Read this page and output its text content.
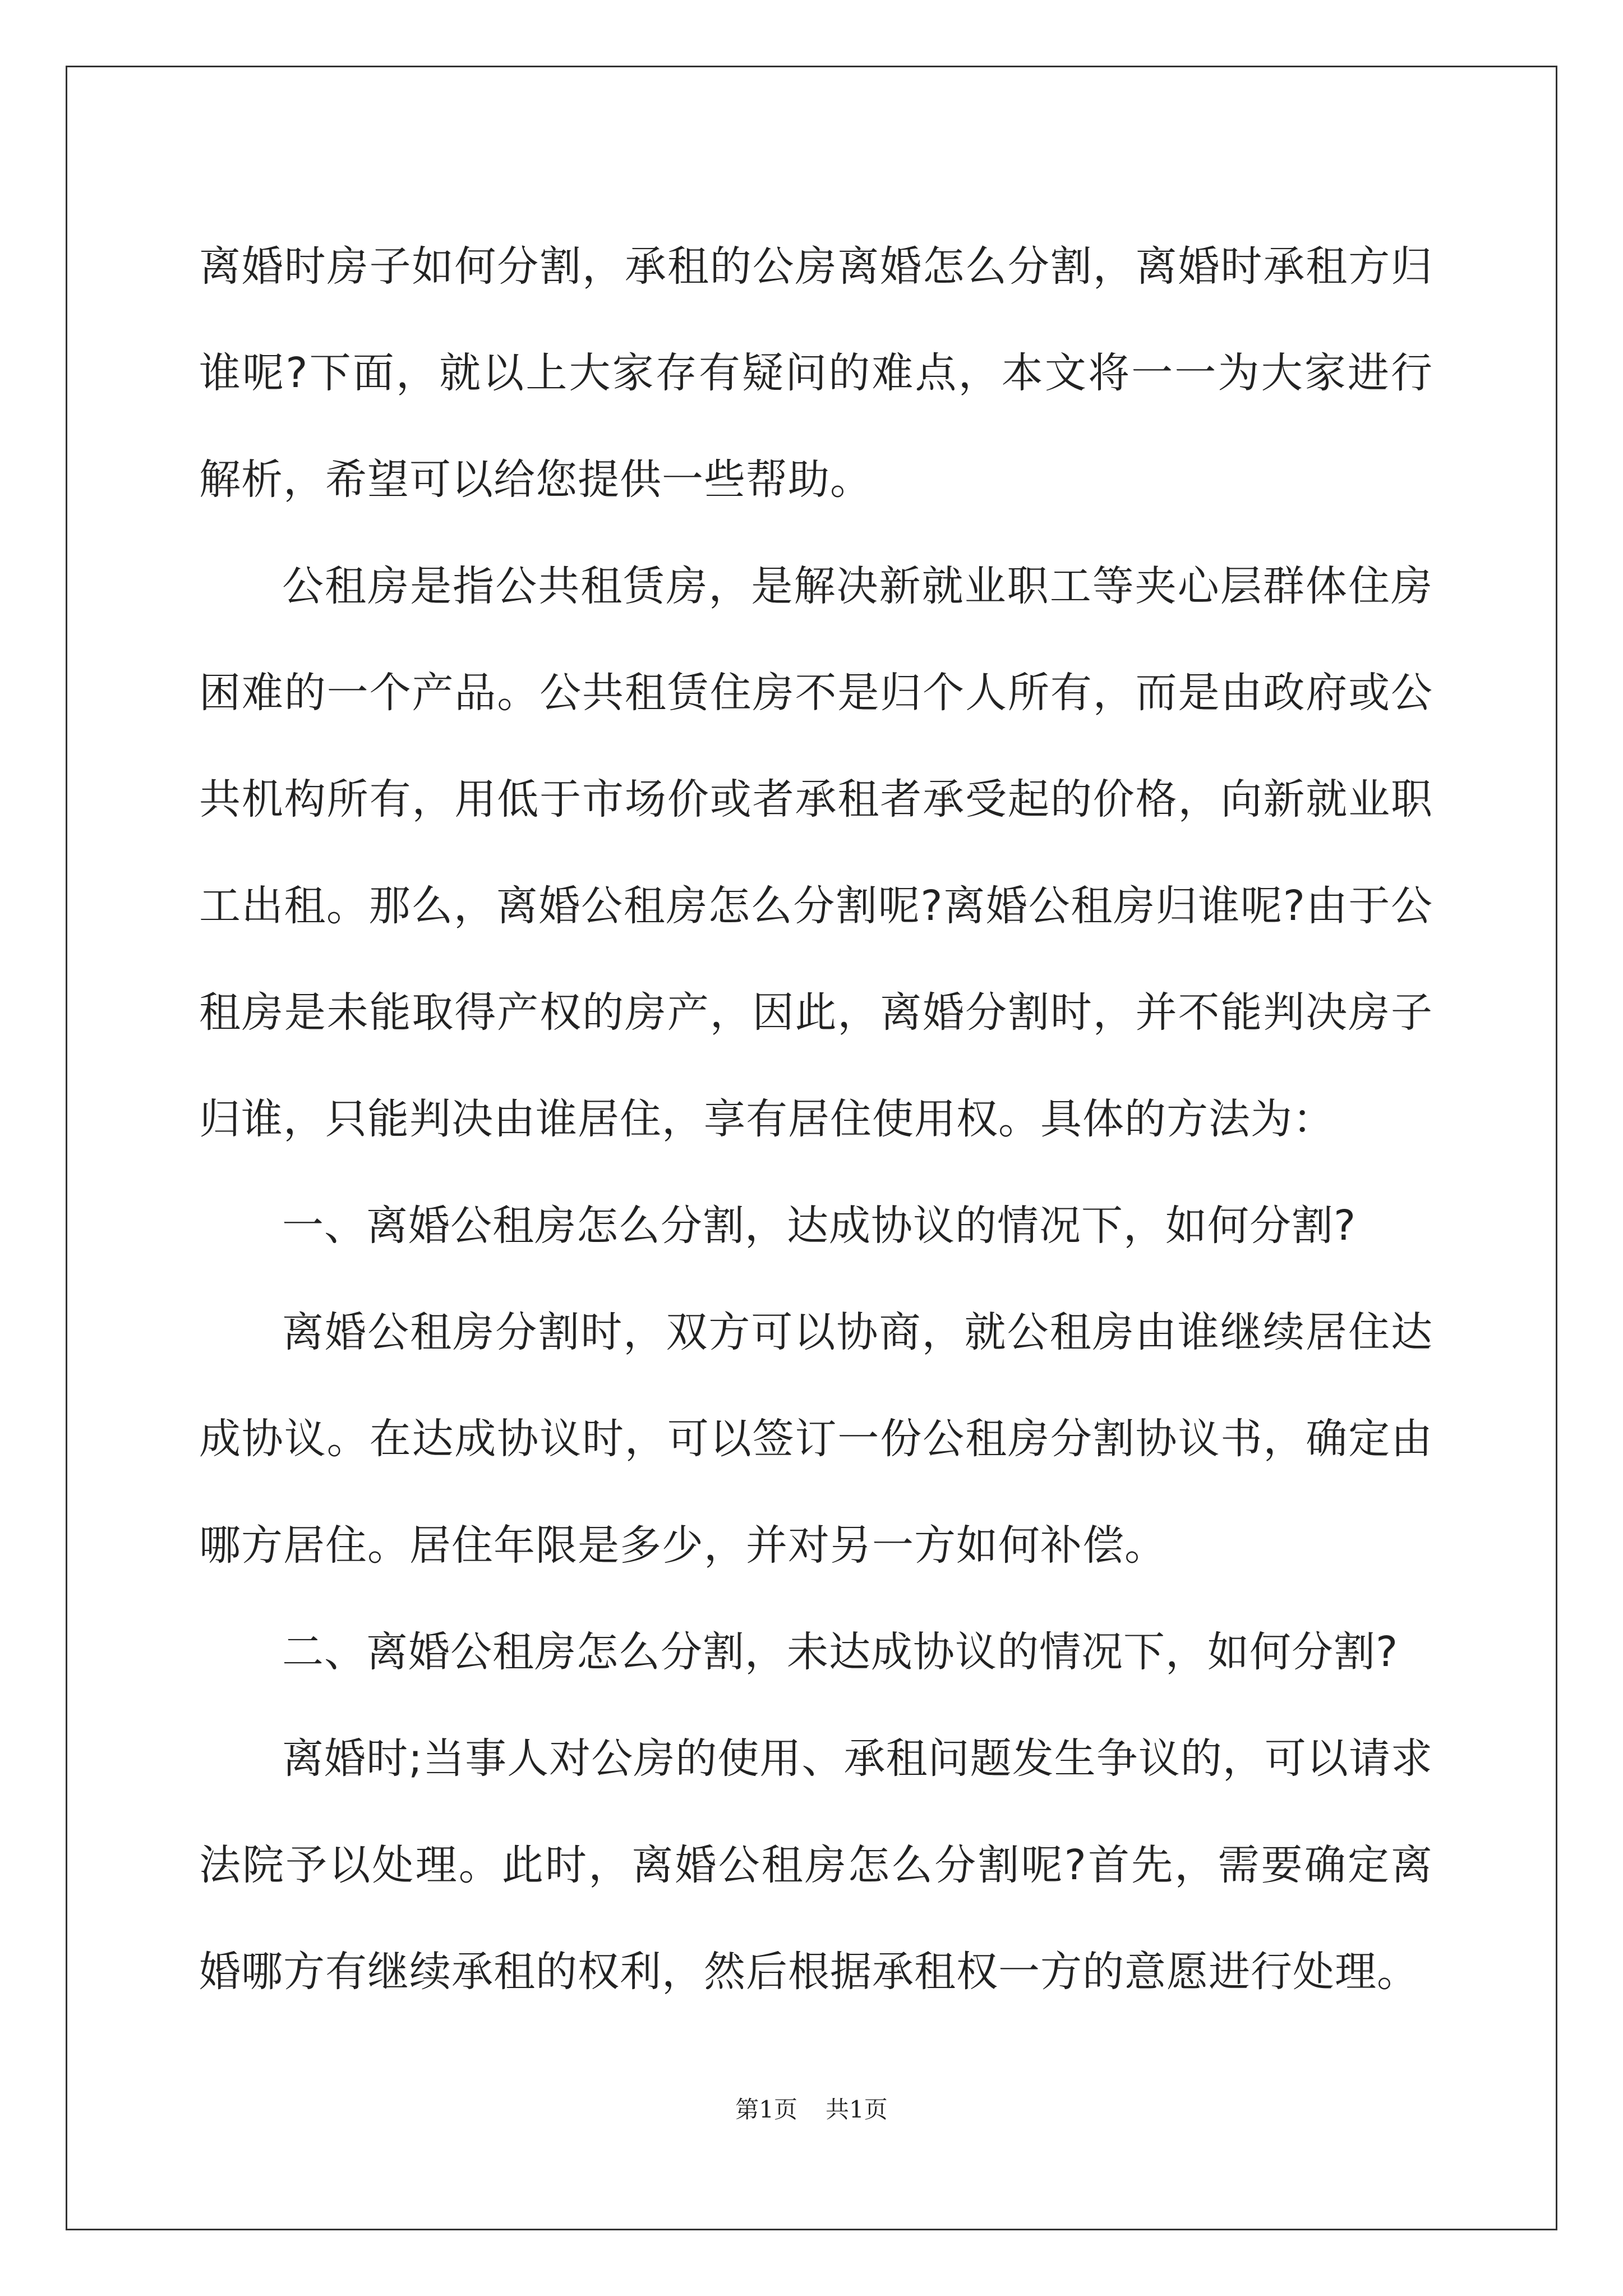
离婚时房子如何分割，承租的公房离婚怎么分割，离婚时承租方归谁呢?下面，就以上大家存有疑问的难点，本文将一一为大家进行解析，希望可以给您提供一些帮助。

公租房是指公共租赁房，是解决新就业职工等夹心层群体住房困难的一个产品。公共租赁住房不是归个人所有，而是由政府或公共机构所有，用低于市场价或者承租者承受起的价格，向新就业职工出租。那么，离婚公租房怎么分割呢?离婚公租房归谁呢?由于公租房是未能取得产权的房产，因此，离婚分割时，并不能判决房子归谁，只能判决由谁居住，享有居住使用权。具体的方法为：

一、离婚公租房怎么分割，达成协议的情况下，如何分割?

离婚公租房分割时，双方可以协商，就公租房由谁继续居住达成协议。在达成协议时，可以签订一份公租房分割协议书，确定由哪方居住。居住年限是多少，并对另一方如何补偿。

二、离婚公租房怎么分割，未达成协议的情况下，如何分割?

离婚时;当事人对公房的使用、承租问题发生争议的，可以请求法院予以处理。此时，离婚公租房怎么分割呢?首先，需要确定离婚哪方有继续承租的权利，然后根据承租权一方的意愿进行处理。

第1页 共1页
